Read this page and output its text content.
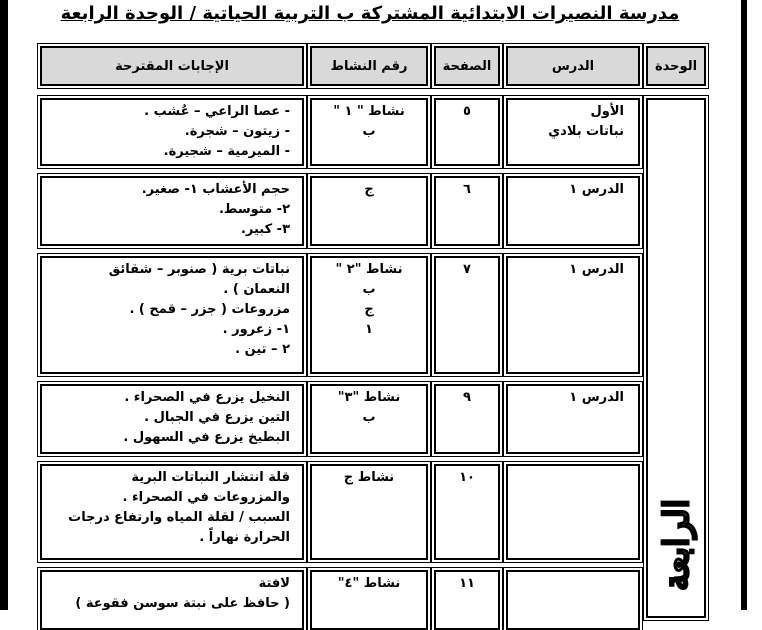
مدرسة النصيرات الابتدائية المشتركة ب التربية الحياتية / الوحدة الرابعة
الوحدة
الدرس
الصفحة
رقم النشاط
الإجابات المقترحة
الرابعة
الأول
نباتات بلادي
٥
نشاط " ١ "
ب
- عصا الراعي – عُشب .
- زيتون – شجرة.
- الميرمية – شجيرة.
الدرس ١
٦
ج
حجم الأعشاب ١- صغير.
٢- متوسط.
٣- كبير.
الدرس ١
٧
نشاط "٢ "
ب
ج
١
نباتات برية ( صنوبر – شقائق
النعمان ) .
مزروعات ( جزر – قمح ) .
١- زعرور .
٢ – تين .
الدرس ١
٩
نشاط "٣"
ب
النخيل يزرع في الصحراء .
التين يزرع في الجبال .
البطيخ يزرع في السهول .
١٠
نشاط ج
قلة انتشار النباتات البرية
والمزروعات في الصحراء .
السبب / لقلة المياه وارتفاع درجات
الحرارة نهاراً .
١١
نشاط "٤"
لافتة
( حافظ على نبتة سوسن فقوعة )
